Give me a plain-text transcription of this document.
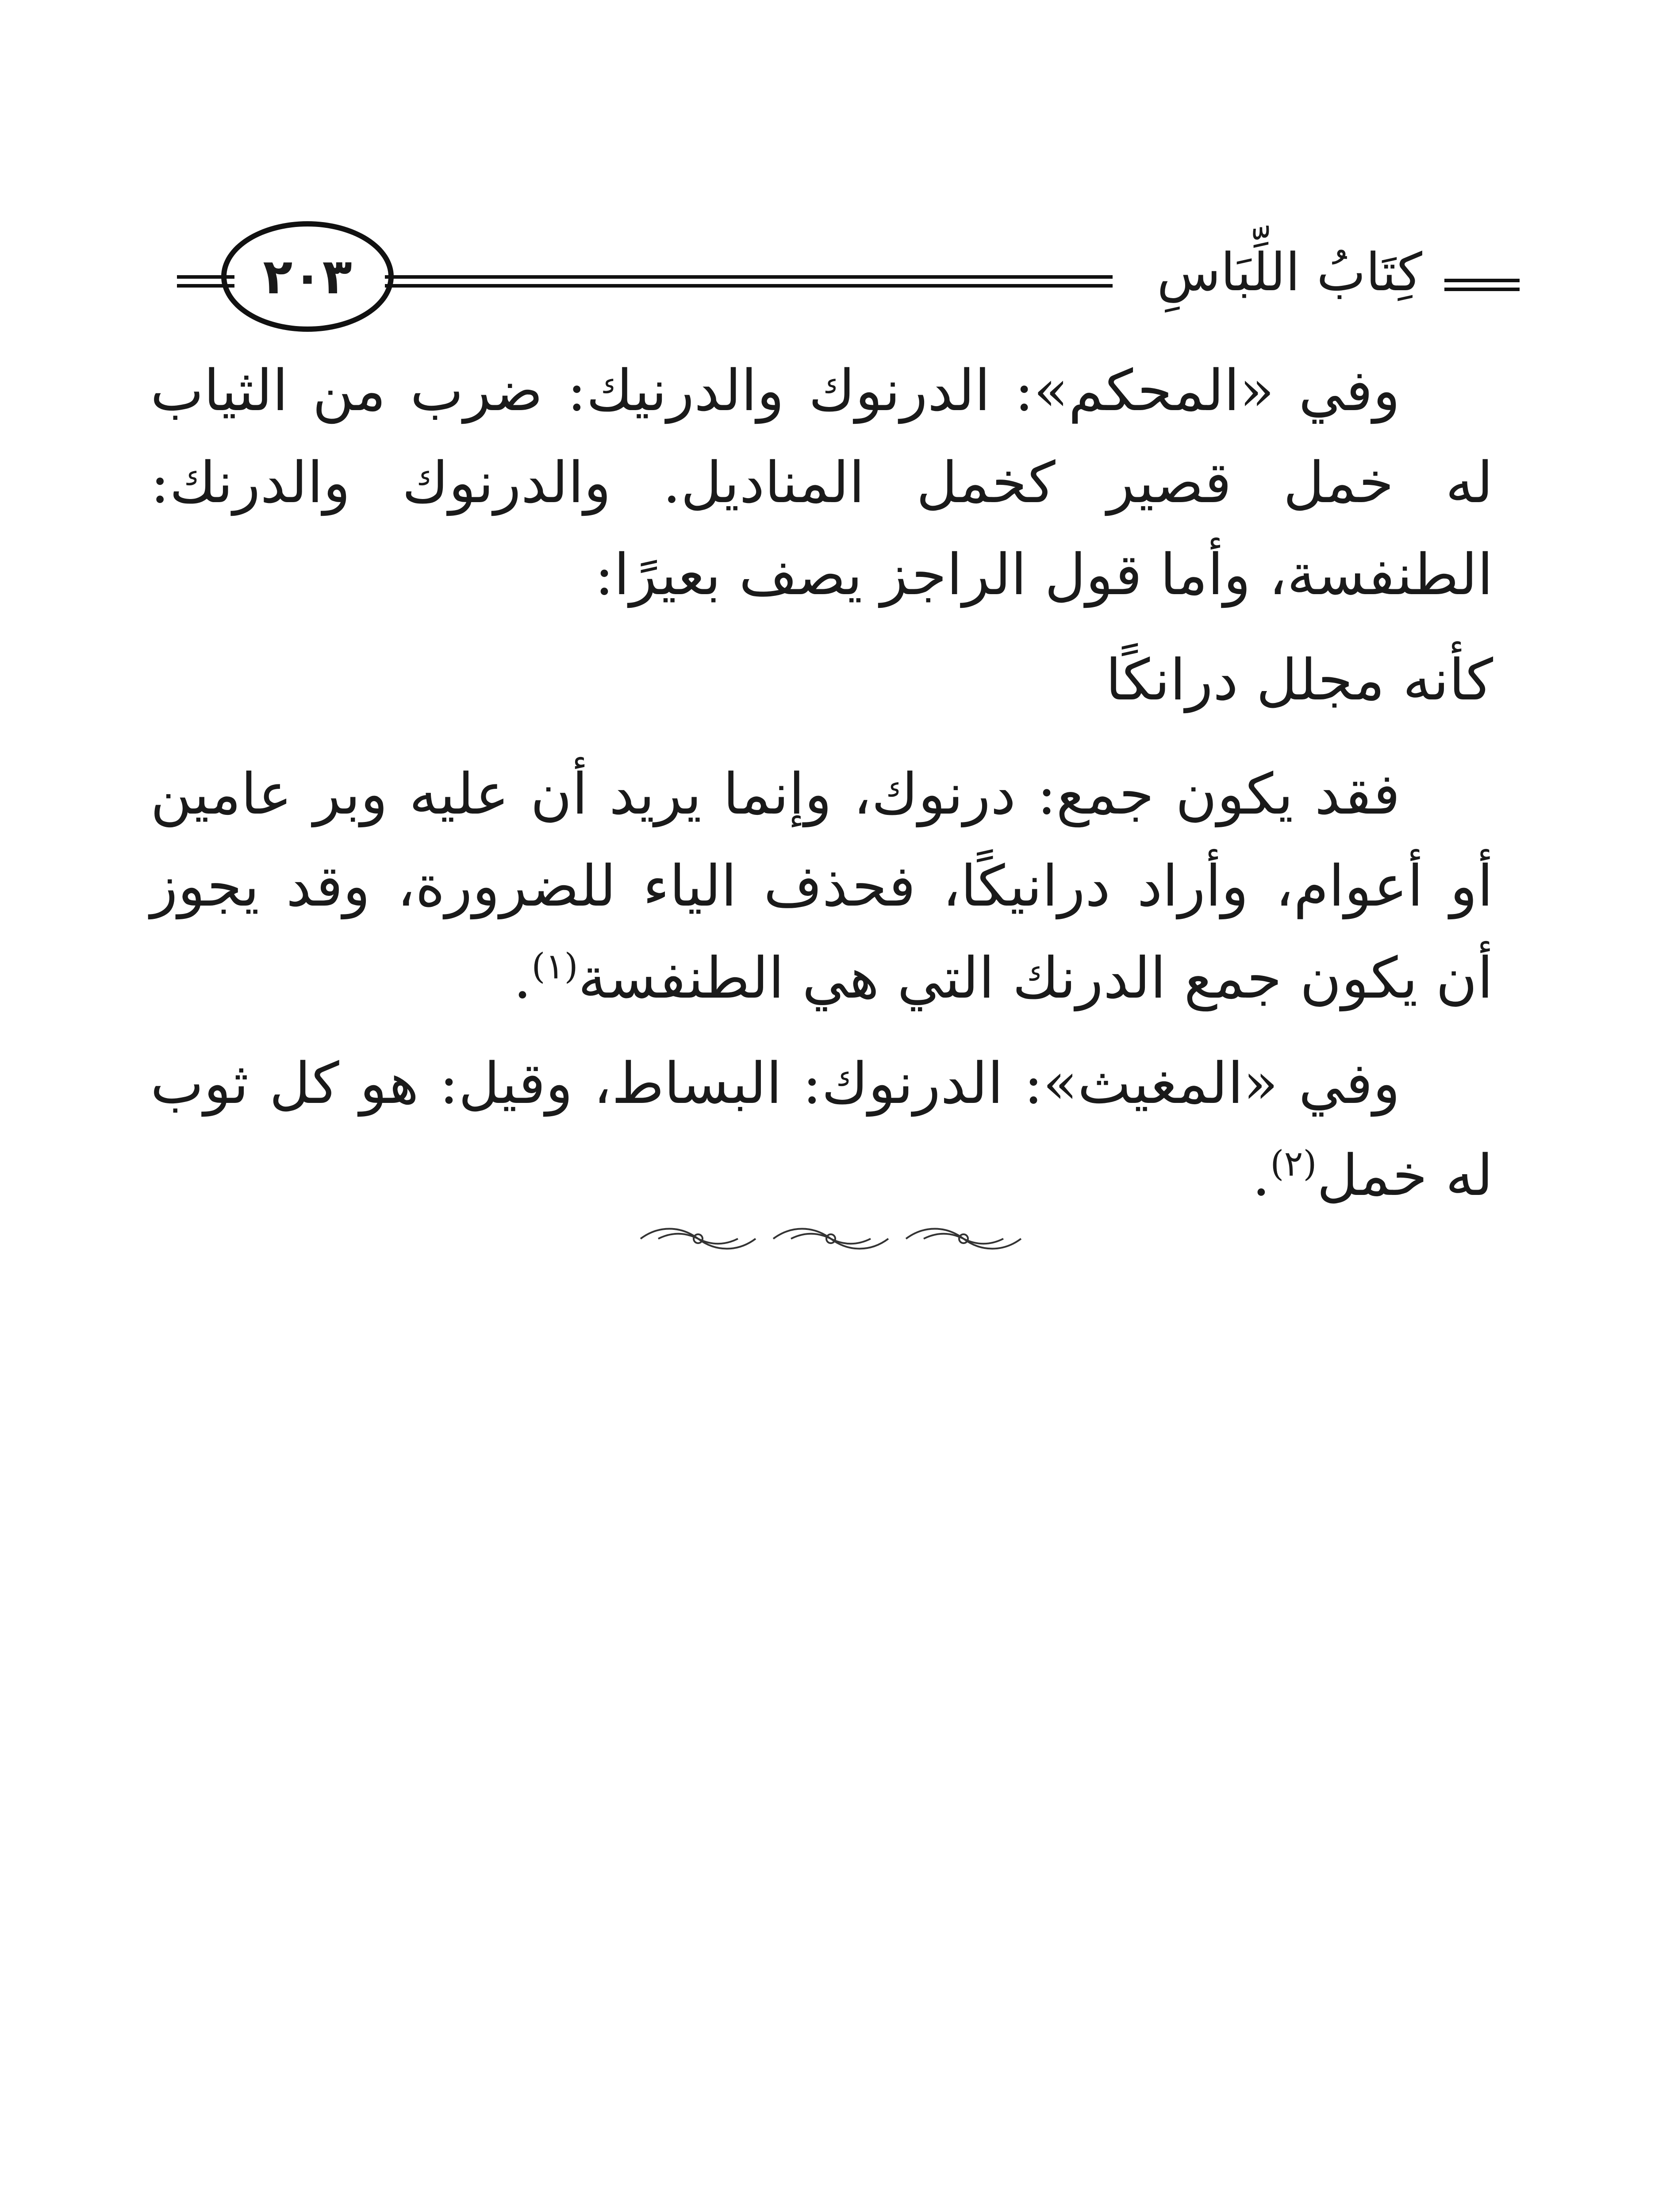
كِتَابُ اللِّبَاسِ
٢٠٣

وفي «المحكم»: الدرنوك والدرنيك: ضرب من الثياب له خمل قصير كخمل المناديل. والدرنوك والدرنك: الطنفسة، وأما قول الراجز يصف بعيرًا:

كأنه مجلل درانكًا

فقد يكون جمع: درنوك، وإنما يريد أن عليه وبر عامين أو أعوام، وأراد درانيكًا، فحذف الياء للضرورة، وقد يجوز أن يكون جمع الدرنك التي هي الطنفسة$^{(١)}$.

وفي «المغيث»: الدرنوك: البساط، وقيل: هو كل ثوب له خمل$^{(٢)}$.
